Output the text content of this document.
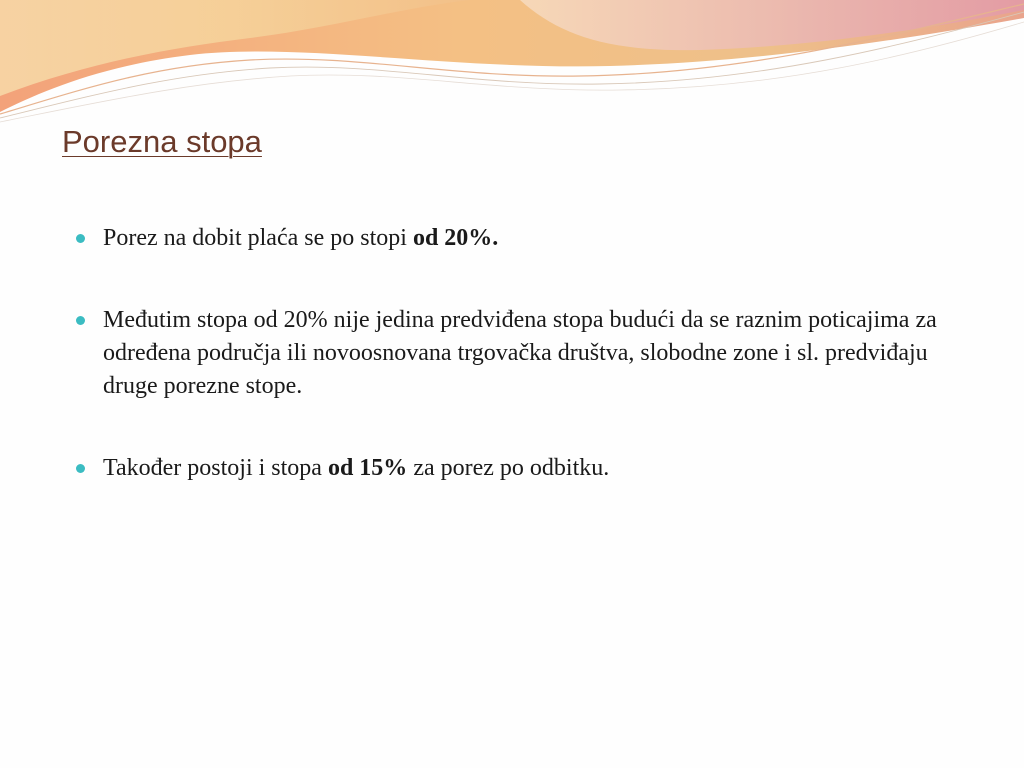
Porezna stopa
Porez na dobit plaća se po stopi od 20%.
Međutim stopa od 20% nije jedina predviđena stopa budući da se raznim poticajima za određena područja ili novoosnovana trgovačka društva, slobodne zone i sl. predviđaju druge porezne stope.
Također postoji i stopa od 15% za porez po odbitku.
